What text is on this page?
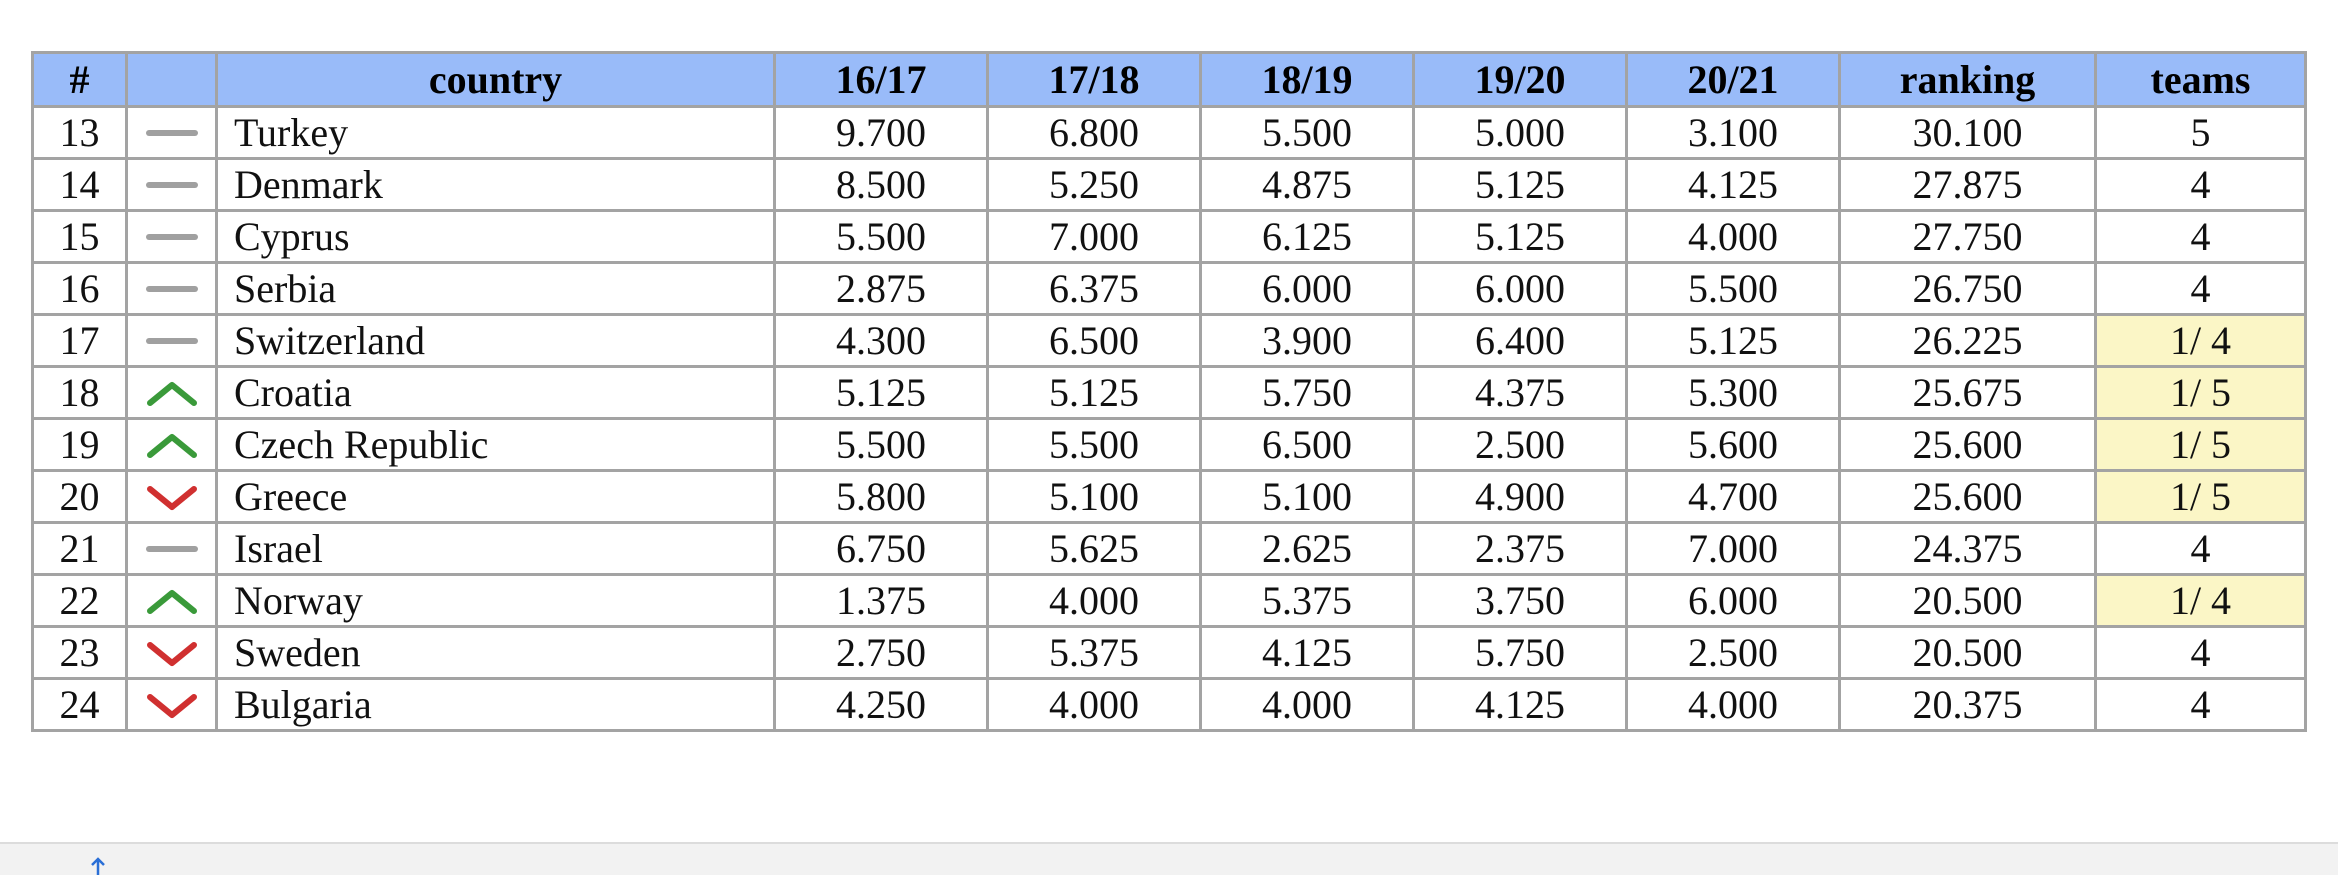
#		country	16/17	17/18	18/19	19/20	20/21	ranking	teams
13		Turkey	9.700	6.800	5.500	5.000	3.100	30.100	5
14		Denmark	8.500	5.250	4.875	5.125	4.125	27.875	4
15		Cyprus	5.500	7.000	6.125	5.125	4.000	27.750	4
16		Serbia	2.875	6.375	6.000	6.000	5.500	26.750	4
17		Switzerland	4.300	6.500	3.900	6.400	5.125	26.225	1/ 4
18		Croatia	5.125	5.125	5.750	4.375	5.300	25.675	1/ 5
19		Czech Republic	5.500	5.500	6.500	2.500	5.600	25.600	1/ 5
20		Greece	5.800	5.100	5.100	4.900	4.700	25.600	1/ 5
21		Israel	6.750	5.625	2.625	2.375	7.000	24.375	4
22		Norway	1.375	4.000	5.375	3.750	6.000	20.500	1/ 4
23		Sweden	2.750	5.375	4.125	5.750	2.500	20.500	4
24		Bulgaria	4.250	4.000	4.000	4.125	4.000	20.375	4
